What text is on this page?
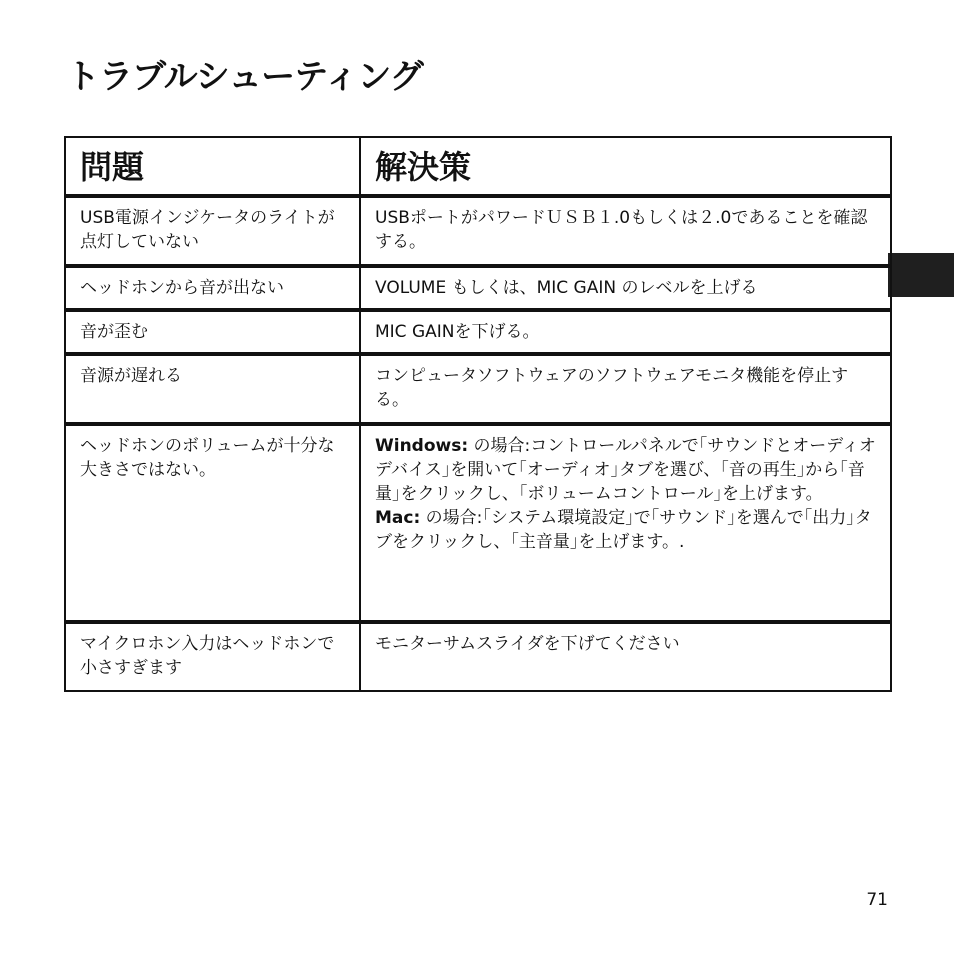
トラブルシューティング
問題	解決策
USB電源インジケータのライトが点灯していない	USBポートがパワードＵＳＢ１.0もしくは２.0であることを確認する。
ヘッドホンから音が出ない	VOLUME もしくは、MIC GAIN のレベルを上げる
音が歪む	MIC GAINを下げる。
音源が遅れる	コンピュータソフトウェアのソフトウェアモニタ機能を停止する。
ヘッドホンのボリュームが十分な大きさではない。	Windows: の場合:コントロールパネルで｢サウンドとオーディオデバイス｣を開いて｢オーディオ｣タブを選び、｢音の再生｣から｢音量｣をクリックし、｢ボリュームコントロール｣を上げます。
Mac: の場合:｢システム環境設定｣で｢サウンド｣を選んで｢出力｣タブをクリックし、｢主音量｣を上げます。.
マイクロホン入力はヘッドホンで小さすぎます	モニターサムスライダを下げてください
71
